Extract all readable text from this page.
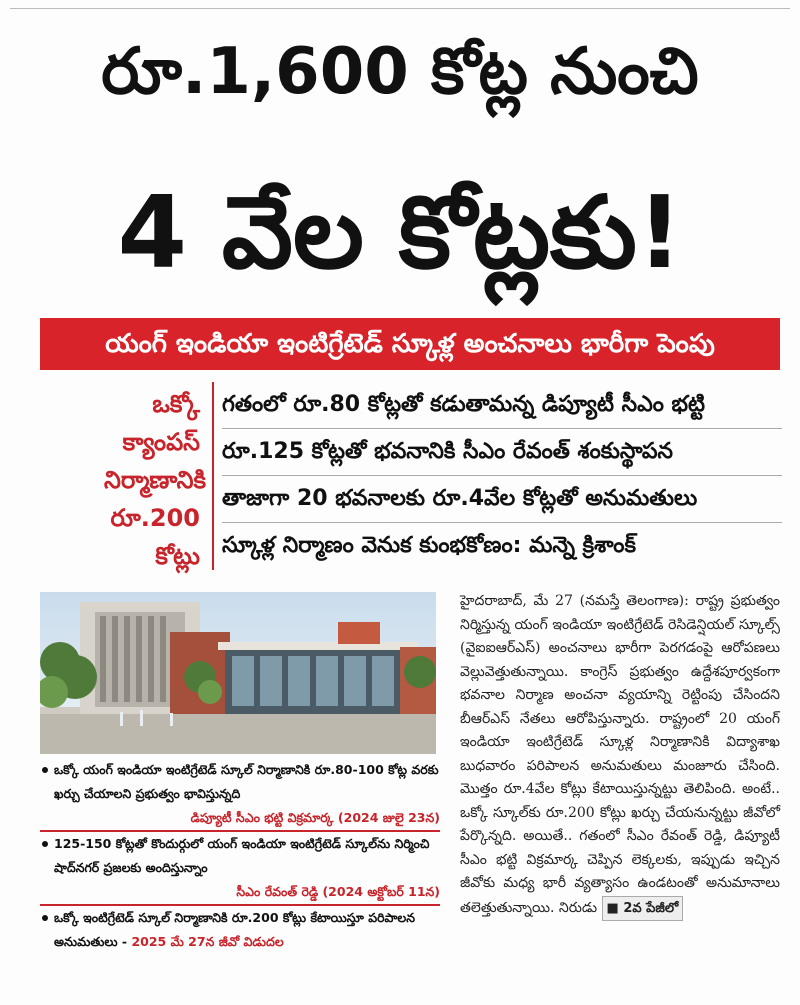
రూ.1,600 కోట్ల నుంచి
4 వేల కోట్లకు!
యంగ్ ఇండియా ఇంటిగ్రేటెడ్ స్కూళ్ల అంచనాలు భారీగా పెంపు
ఒక్కో
క్యాంపస్
నిర్మాణానికి
రూ.200
కోట్లు
గతంలో రూ.80 కోట్లతో కడుతామన్న డిప్యూటీ సీఎం భట్టి
రూ.125 కోట్లతో భవనానికి సీఎం రేవంత్ శంకుస్థాపన
తాజాగా 20 భవనాలకు రూ.4వేల కోట్లతో అనుమతులు
స్కూళ్ల నిర్మాణం వెనుక కుంభకోణం: మన్నె క్రిశాంక్
ఒక్కో యంగ్ ఇండియా ఇంటిగ్రేటెడ్ స్కూల్ నిర్మాణానికి రూ.80-100 కోట్ల వరకు ఖర్చు చేయాలని ప్రభుత్వం భావిస్తున్నది
డిప్యూటీ సీఎం భట్టి విక్రమార్క (2024 జులై 23న)
125-150 కోట్లతో కొందుర్గులో యంగ్ ఇండియా ఇంటిగ్రేటెడ్ స్కూల్‌ను నిర్మించి షాద్‌నగర్ ప్రజలకు అందిస్తున్నాం
సీఎం రేవంత్ రెడ్డి (2024 అక్టోబర్ 11న)
ఒక్కో ఇంటిగ్రేటెడ్ స్కూల్ నిర్మాణానికి రూ.200 కోట్లు కేటాయిస్తూ పరిపాలన అనుమతులు - 2025 మే 27న జీవో విడుదల

హైదరాబాద్, మే 27 (నమస్తే తెలంగాణ): రాష్ట్ర ప్రభుత్వం నిర్మిస్తున్న యంగ్ ఇండియా ఇంటిగ్రేటెడ్ రెసిడెన్షియల్ స్కూల్స్ (వైఐఐఆర్ఎస్) అంచనాలు భారీగా పెరగడంపై ఆరోపణలు వెల్లువెత్తుతున్నాయి. కాంగ్రెస్ ప్రభుత్వం ఉద్దేశపూర్వకంగా భవనాల నిర్మాణ అంచనా వ్యయాన్ని రెట్టింపు చేసిందని బీఆర్ఎస్ నేతలు ఆరోపిస్తున్నారు. రాష్ట్రంలో 20 యంగ్ ఇండియా ఇంటిగ్రేటెడ్ స్కూళ్ల నిర్మాణానికి విద్యాశాఖ బుధవారం పరిపాలన అనుమతులు మంజూరు చేసింది. మొత్తం రూ.4వేల కోట్లు కేటాయిస్తున్నట్టు తెలిపింది. అంటే.. ఒక్కో స్కూల్‌కు రూ.200 కోట్లు ఖర్చు చేయనున్నట్టు జీవోలో పేర్కొన్నది. అయితే.. గతంలో సీఎం రేవంత్ రెడ్డి, డిప్యూటీ సీఎం భట్టి విక్రమార్క చెప్పిన లెక్కలకు, ఇప్పుడు ఇచ్చిన జీవోకు మధ్య భారీ వ్యత్యాసం ఉండటంతో అనుమానాలు తలెత్తుతున్నాయి. నిరుడు ■ 2వ పేజీలో
